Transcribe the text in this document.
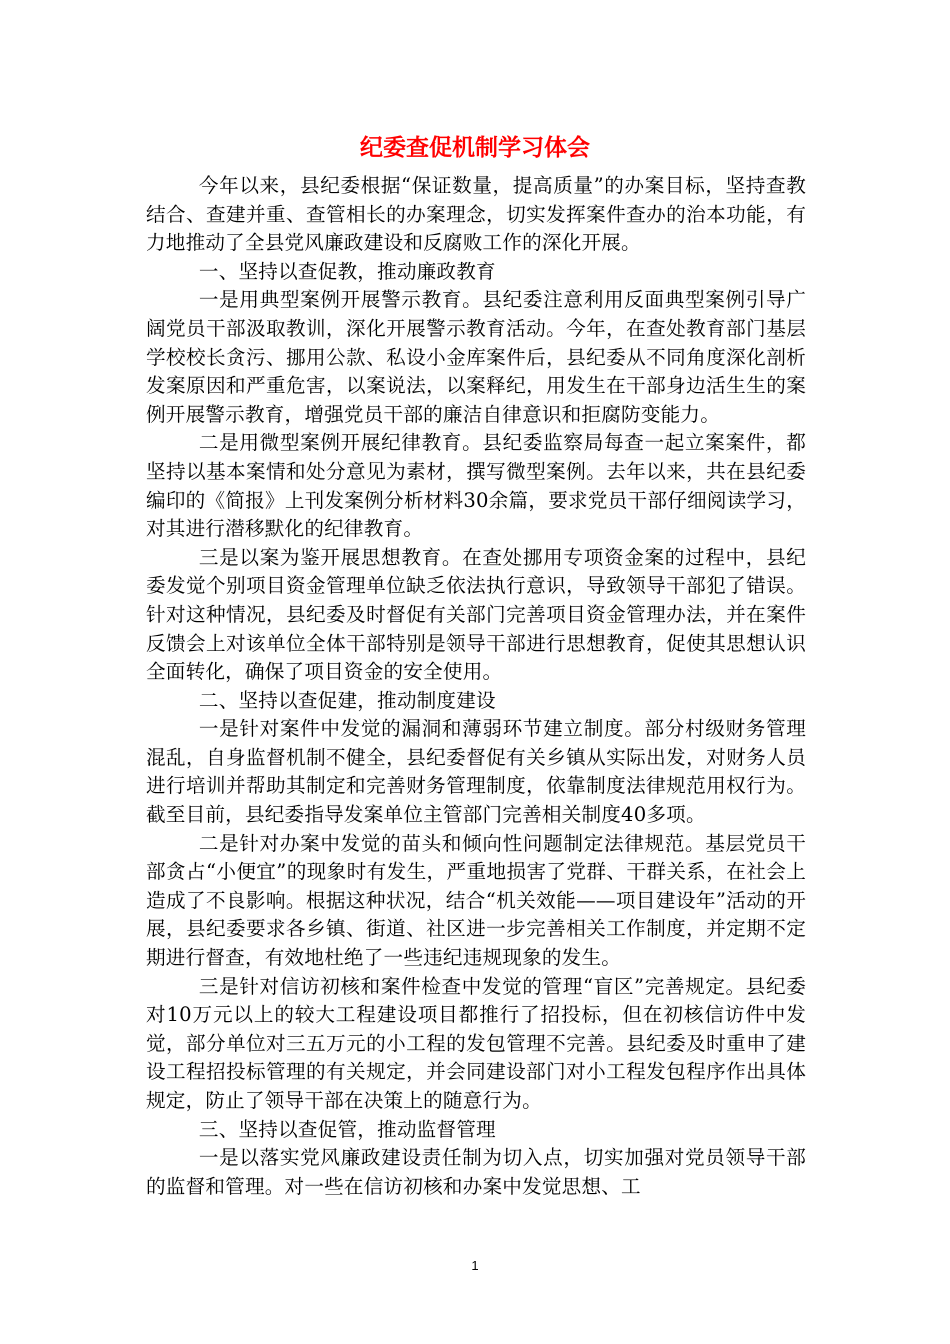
纪委查促机制学习体会

今年以来，县纪委根据“保证数量，提高质量”的办案目标，坚持查教结合、查建并重、查管相长的办案理念，切实发挥案件查办的治本功能，有力地推动了全县党风廉政建设和反腐败工作的深化开展。

一、坚持以查促教，推动廉政教育

一是用典型案例开展警示教育。县纪委注意利用反面典型案例引导广阔党员干部汲取教训，深化开展警示教育活动。今年，在查处教育部门基层学校校长贪污、挪用公款、私设小金库案件后，县纪委从不同角度深化剖析发案原因和严重危害，以案说法，以案释纪，用发生在干部身边活生生的案例开展警示教育，增强党员干部的廉洁自律意识和拒腐防变能力。

二是用微型案例开展纪律教育。县纪委监察局每查一起立案案件，都坚持以基本案情和处分意见为素材，撰写微型案例。去年以来，共在县纪委编印的《简报》上刊发案例分析材料30余篇，要求党员干部仔细阅读学习，对其进行潜移默化的纪律教育。

三是以案为鉴开展思想教育。在查处挪用专项资金案的过程中，县纪委发觉个别项目资金管理单位缺乏依法执行意识，导致领导干部犯了错误。针对这种情况，县纪委及时督促有关部门完善项目资金管理办法，并在案件反馈会上对该单位全体干部特别是领导干部进行思想教育，促使其思想认识全面转化，确保了项目资金的安全使用。

二、坚持以查促建，推动制度建设

一是针对案件中发觉的漏洞和薄弱环节建立制度。部分村级财务管理混乱，自身监督机制不健全，县纪委督促有关乡镇从实际出发，对财务人员进行培训并帮助其制定和完善财务管理制度，依靠制度法律规范用权行为。截至目前，县纪委指导发案单位主管部门完善相关制度40多项。

二是针对办案中发觉的苗头和倾向性问题制定法律规范。基层党员干部贪占“小便宜”的现象时有发生，严重地损害了党群、干群关系，在社会上造成了不良影响。根据这种状况，结合“机关效能——项目建设年”活动的开展，县纪委要求各乡镇、街道、社区进一步完善相关工作制度，并定期不定期进行督查，有效地杜绝了一些违纪违规现象的发生。

三是针对信访初核和案件检查中发觉的管理“盲区”完善规定。县纪委对10万元以上的较大工程建设项目都推行了招投标，但在初核信访件中发觉，部分单位对三五万元的小工程的发包管理不完善。县纪委及时重申了建设工程招投标管理的有关规定，并会同建设部门对小工程发包程序作出具体规定，防止了领导干部在决策上的随意行为。

三、坚持以查促管，推动监督管理

一是以落实党风廉政建设责任制为切入点，切实加强对党员领导干部的监督和管理。对一些在信访初核和办案中发觉思想、工

1
